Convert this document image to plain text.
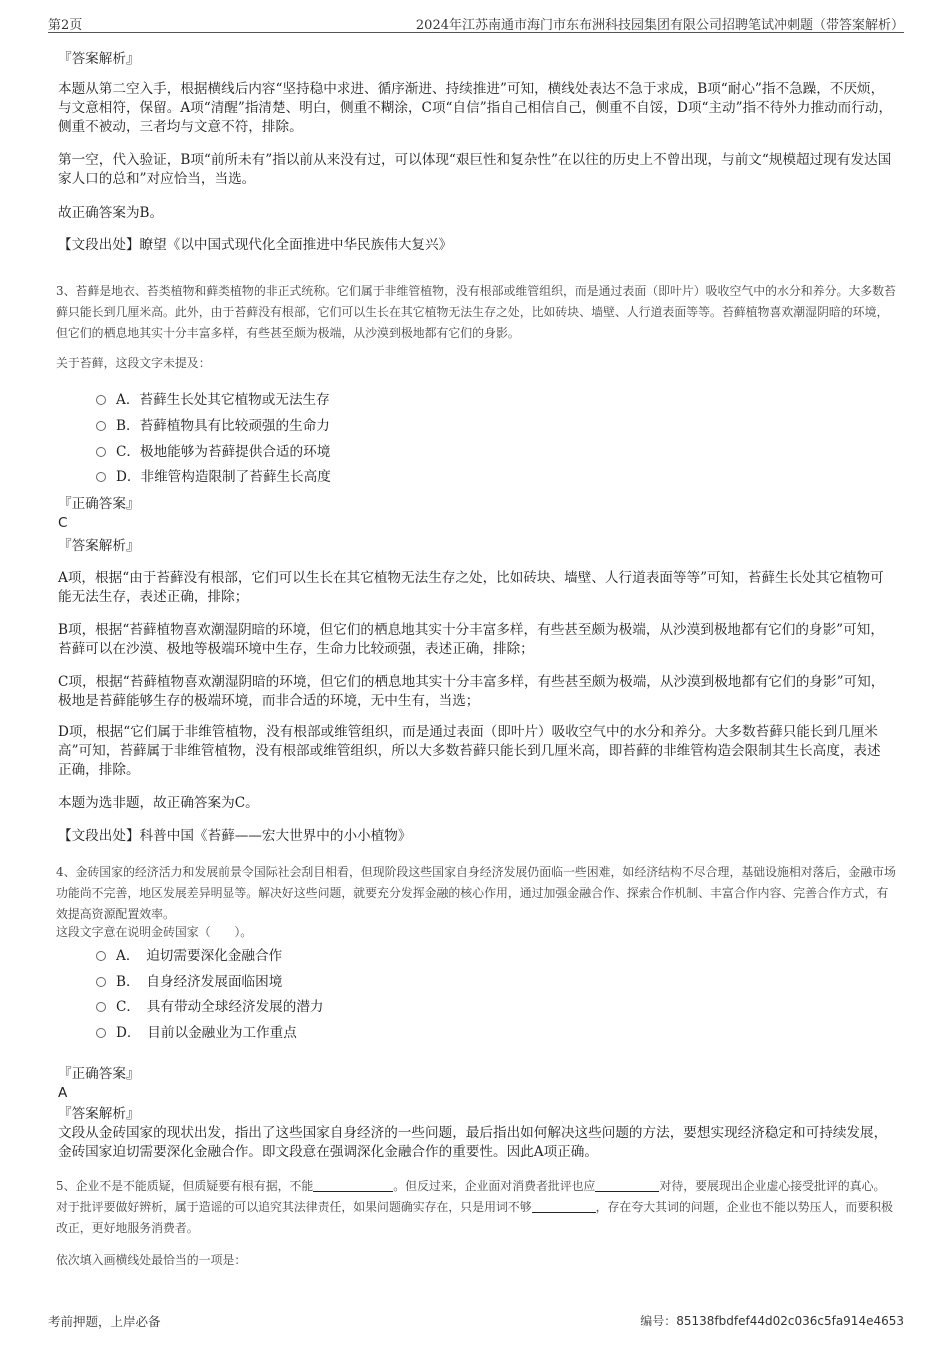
第2页	2024年江苏南通市海门市东布洲科技园集团有限公司招聘笔试冲刺题（带答案解析）
『答案解析』
本题从第二空入手，根据横线后内容“坚持稳中求进、循序渐进、持续推进”可知，横线处表达不急于求成，B项“耐心”指不急躁，不厌烦，与文意相符，保留。A项“清醒”指清楚、明白，侧重不糊涂，C项“自信”指自己相信自己，侧重不自馁，D项“主动”指不待外力推动而行动，侧重不被动，三者均与文意不符，排除。
第一空，代入验证，B项“前所未有”指以前从来没有过，可以体现“艰巨性和复杂性”在以往的历史上不曾出现，与前文“规模超过现有发达国家人口的总和”对应恰当，当选。
故正确答案为B。
【文段出处】瞭望《以中国式现代化全面推进中华民族伟大复兴》
3、苔藓是地衣、苔类植物和藓类植物的非正式统称。它们属于非维管植物，没有根部或维管组织，而是通过表面（即叶片）吸收空气中的水分和养分。大多数苔藓只能长到几厘米高。此外，由于苔藓没有根部，它们可以生长在其它植物无法生存之处，比如砖块、墙壁、人行道表面等等。苔藓植物喜欢潮湿阴暗的环境，但它们的栖息地其实十分丰富多样，有些甚至颇为极端，从沙漠到极地都有它们的身影。
关于苔藓，这段文字未提及：
A．苔藓生长处其它植物或无法生存
B．苔藓植物具有比较顽强的生命力
C．极地能够为苔藓提供合适的环境
D．非维管构造限制了苔藓生长高度
『正确答案』
C
『答案解析』
A项，根据“由于苔藓没有根部，它们可以生长在其它植物无法生存之处，比如砖块、墙壁、人行道表面等等”可知，苔藓生长处其它植物可能无法生存，表述正确，排除；
B项，根据“苔藓植物喜欢潮湿阴暗的环境，但它们的栖息地其实十分丰富多样，有些甚至颇为极端，从沙漠到极地都有它们的身影”可知，苔藓可以在沙漠、极地等极端环境中生存，生命力比较顽强，表述正确，排除；
C项，根据“苔藓植物喜欢潮湿阴暗的环境，但它们的栖息地其实十分丰富多样，有些甚至颇为极端，从沙漠到极地都有它们的身影”可知，极地是苔藓能够生存的极端环境，而非合适的环境，无中生有，当选；
D项，根据“它们属于非维管植物，没有根部或维管组织，而是通过表面（即叶片）吸收空气中的水分和养分。大多数苔藓只能长到几厘米高”可知，苔藓属于非维管植物，没有根部或维管组织，所以大多数苔藓只能长到几厘米高，即苔藓的非维管构造会限制其生长高度，表述正确，排除。
本题为选非题，故正确答案为C。
【文段出处】科普中国《苔藓——宏大世界中的小小植物》
4、金砖国家的经济活力和发展前景令国际社会刮目相看，但现阶段这些国家自身经济发展仍面临一些困难，如经济结构不尽合理，基础设施相对落后，金融市场功能尚不完善，地区发展差异明显等。解决好这些问题，就要充分发挥金融的核心作用，通过加强金融合作、探索合作机制、丰富合作内容、完善合作方式，有效提高资源配置效率。
这段文字意在说明金砖国家（　　）。
A．　迫切需要深化金融合作
B．　自身经济发展面临困境
C．　具有带动全球经济发展的潜力
D．　目前以金融业为工作重点
『正确答案』
A
『答案解析』
文段从金砖国家的现状出发，指出了这些国家自身经济的一些问题，最后指出如何解决这些问题的方法，要想实现经济稳定和可持续发展，金砖国家迫切需要深化金融合作。即文段意在强调深化金融合作的重要性。因此A项正确。
5、企业不是不能质疑，但质疑要有根有据，不能	。但反过来，企业面对消费者批评也应	对待，要展现出企业虚心接受批评的真心。对于批评要做好辨析，属于造谣的可以追究其法律责任，如果问题确实存在，只是用词不够	，存在夸大其词的问题，企业也不能以势压人，而要积极改正，更好地服务消费者。
依次填入画横线处最恰当的一项是：
考前押题，上岸必备	编号：85138fbdfef44d02c036c5fa914e4653
